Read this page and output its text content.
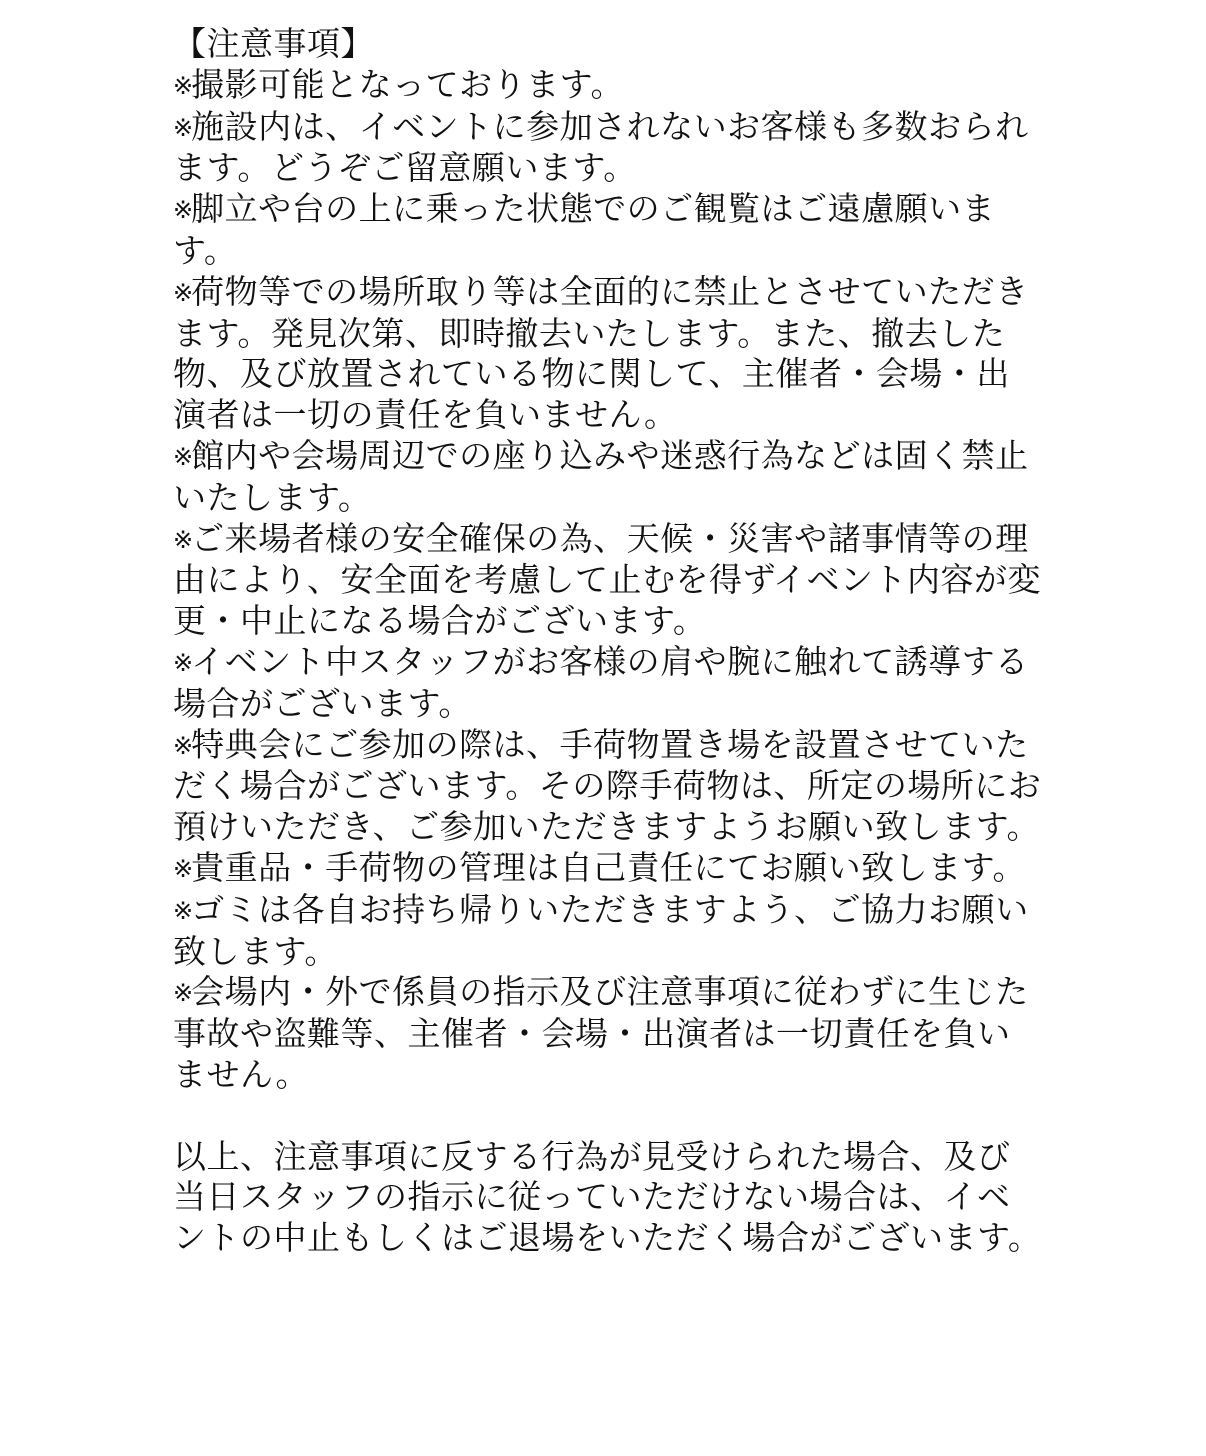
【注意事項】
※撮影可能となっております。
※施設内は、イベントに参加されないお客様も多数おられます。どうぞご留意願います。
※脚立や台の上に乗った状態でのご観覧はご遠慮願います。
※荷物等での場所取り等は全面的に禁止とさせていただきます。発見次第、即時撤去いたします。また、撤去した物、及び放置されている物に関して、主催者・会場・出演者は一切の責任を負いません。
※館内や会場周辺での座り込みや迷惑行為などは固く禁止いたします。
※ご来場者様の安全確保の為、天候・災害や諸事情等の理由により、安全面を考慮して止むを得ずイベント内容が変更・中止になる場合がございます。
※イベント中スタッフがお客様の肩や腕に触れて誘導する場合がございます。
※特典会にご参加の際は、手荷物置き場を設置させていただく場合がございます。その際手荷物は、所定の場所にお預けいただき、ご参加いただきますようお願い致します。
※貴重品・手荷物の管理は自己責任にてお願い致します。
※ゴミは各自お持ち帰りいただきますよう、ご協力お願い致します。
※会場内・外で係員の指示及び注意事項に従わずに生じた事故や盗難等、主催者・会場・出演者は一切責任を負いません。

以上、注意事項に反する行為が見受けられた場合、及び当日スタッフの指示に従っていただけない場合は、イベントの中止もしくはご退場をいただく場合がございます。
